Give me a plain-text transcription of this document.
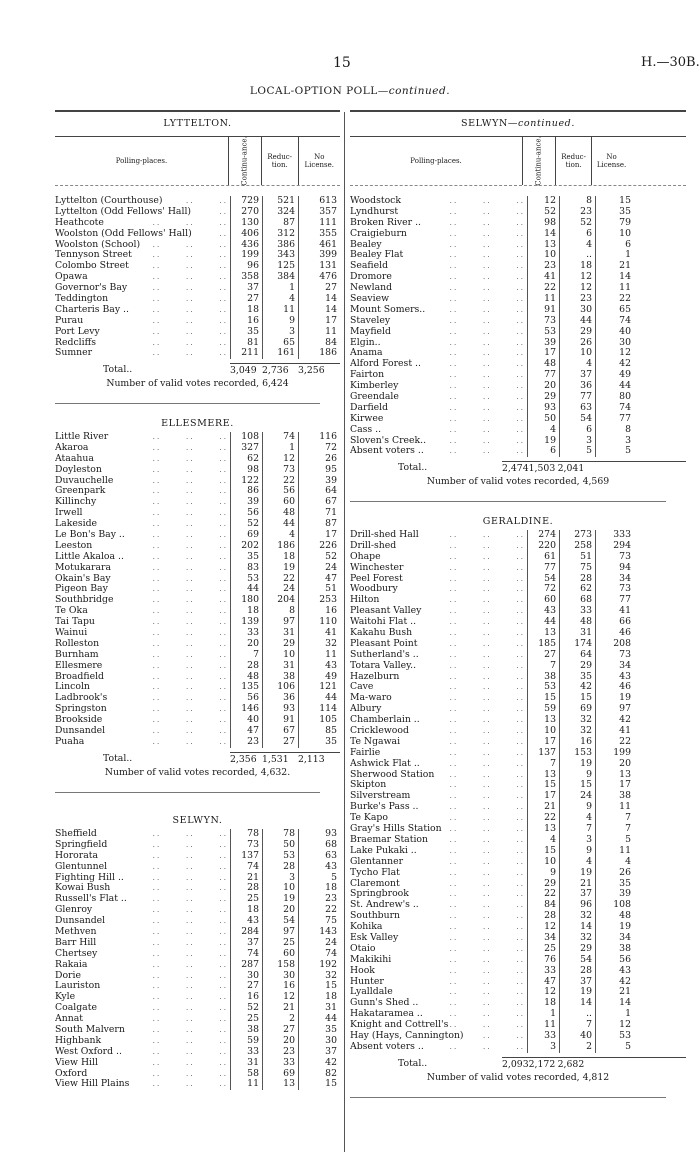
15	H.—30B.
LOCAL-OPTION POLL—continued.
LYTTELTON.
Polling-places.	Continu-ance.	Reduc-tion.
No License.
Lyttelton (Courthouse) . .	729	521	613
Lyttelton (Odd Fellows' Hall) . .	270	324	357
Heathcote . .	130	87	111
Woolston (Odd Fellows' Hall) . .	406	312	355
Woolston (School) . .	436	386	461
Tennyson Street . .	199	343	399
Colombo Street . .	96	125	131
Opawa . .	358	384	476
Governor's Bay . .	37	1	27
Teddington . .	27	4	14
Charteris Bay .. . .	18	11	14
Purau . .	16	9	17
Port Levy . .	35	3	11
Redcliffs . .	81	65	84
Sumner . .	211	161	186
Total..	3,049 2,736	3,256
Number of valid votes recorded, 6,424
ELLESMERE.
Little River . .	108	74	116
Akaroa . .	327	1	72
Ataahua . .	62	12	26
Doyleston . .	98	73	95
Duvauchelle . .	122	22	39
Greenpark . .	86	56	64
Killinchy . .	39	60	67
Irwell . .	56	48	71
Lakeside . .	52	44	87
Le Bon's Bay .. . .	69	4	17
Leeston . .	202	186	226
Little Akaloa .. . .	35	18	52
Motukarara . .	83	19	24
Okain's Bay . .	53	22	47
Pigeon Bay . .	44	24	51
Southbridge . .	180	204	253
Te Oka . .	18	8	16
Tai Tapu . .	139	97	110
Wainui . .	33	31	41
Rolleston . .	20	29	32
Burnham . .	7	10	11
Ellesmere . .	28	31	43
Broadfield . .	48	38	49
Lincoln . .	135	106	121
Ladbrook's . .	56	36	44
Springston . .	146	93	114
Brookside . .	40	91	105
Dunsandel . .	47	67	85
Puaha . .	23	27	35
Total..	2,356 1,531	2,113
Number of valid votes recorded, 4,632.
SELWYN.
Sheffield . .	78	78	93
Springfield . .	73	50	68
Hororata . .	137	53	63
Glentunnel . .	74	28	43
Fighting Hill .. . .	21	3	5
Kowai Bush . .	28	10	18
Russell's Flat .. . .	25	19	23
Glenroy . .	18	20	22
Dunsandel . .	43	54	75
Methven . .	284	97	143
Barr Hill . .	37	25	24
Chertsey . .	74	60	74
Rakaia . .	287	158	192
Dorie . .	30	30	32
Lauriston . .	27	16	15
Kyle . .	16	12	18
Coalgate . .	52	21	31
Annat . .	25	2	44
South Malvern . .	38	27	35
Highbank . .	59	20	30
West Oxford .. . .	33	23	37
View Hill . .	31	33	42
Oxford . .	58	69	82
View Hill Plains . .	11	13	15
SELWYN—continued.
Polling-places.	Continu-ance.	Reduc-tion.
No License.
Woodstock . .	12	8	15
Lyndhurst . .	52	23	35
Broken River .. . .	98	52	79
Craigieburn . .	14	6	10
Bealey . .	13	4	6
Bealey Flat . .	10	..	1
Seafield . .	23	18	21
Dromore . .	41	12	14
Newland . .	22	12	11
Seaview . .	11	23	22
Mount Somers.. . .	91	30	65
Staveley . .	73	44	74
Mayfield . .	53	29	40
Elgin.. . .	39	26	30
Anama . .	17	10	12
Alford Forest .. . .	48	4	42
Fairton . .	77	37	49
Kimberley . .	20	36	44
Greendale . .	29	77	80
Darfield . .	93	63	74
Kirwee . .	50	54	77
Cass .. . .	4	6	8
Sloven's Creek.. . .	19	3	3
Absent voters .. . .	6	5	5
Total..	2,474 1,503 2,041
Number of valid votes recorded, 4,569
GERALDINE.
Drill-shed Hall . .	274	273	333
Drill-shed . .	220	258	294
Ohape . .	61	51	73
Winchester . .	77	75	94
Peel Forest . .	54	28	34
Woodbury . .	72	62	73
Hilton . .	60	68	77
Pleasant Valley . .	43	33	41
Waitohi Flat .. . .	44	48	66
Kakahu Bush . .	13	31	46
Pleasant Point . .	185	174	208
Sutherland's .. . .	27	64	73
Totara Valley.. . .	7	29	34
Hazelburn . .	38	35	43
Cave . .	53	42	46
Ma-waro . .	15	15	19
Albury . .	59	69	97
Chamberlain .. . .	13	32	42
Cricklewood . .	10	32	41
Te Ngawai . .	17	16	22
Fairlie . .	137	153	199
Ashwick Flat .. . .	7	19	20
Sherwood Station . .	13	9	13
Skipton . .	15	15	17
Silverstream . .	17	24	38
Burke's Pass .. . .	21	9	11
Te Kapo . .	22	4	7
Gray's Hills Station . .	13	7	7
Braemar Station . .	4	3	5
Lake Pukaki .. . .	15	9	11
Glentanner . .	10	4	4
Tycho Flat . .	9	19	26
Claremont . .	29	21	35
Springbrook . .	22	37	39
St. Andrew's .. . .	84	96	108
Southburn . .	28	32	48
Kohika . .	12	14	19
Esk Valley . .	34	32	34
Otaio . .	25	29	38
Makikihi . .	76	54	56
Hook . .	33	28	43
Hunter . .	47	37	42
Lyalldale . .	12	19	21
Gunn's Shed .. . .	18	14	14
Hakataramea .. . .	1	..	1
Knight and Cottrell's . .	11	7	12
Hay (Hays, Cannington) . .	33	40	53
Absent voters .. . .	3	2	5
Total..	2,093 2,172 2,682
Number of valid votes recorded, 4,812
